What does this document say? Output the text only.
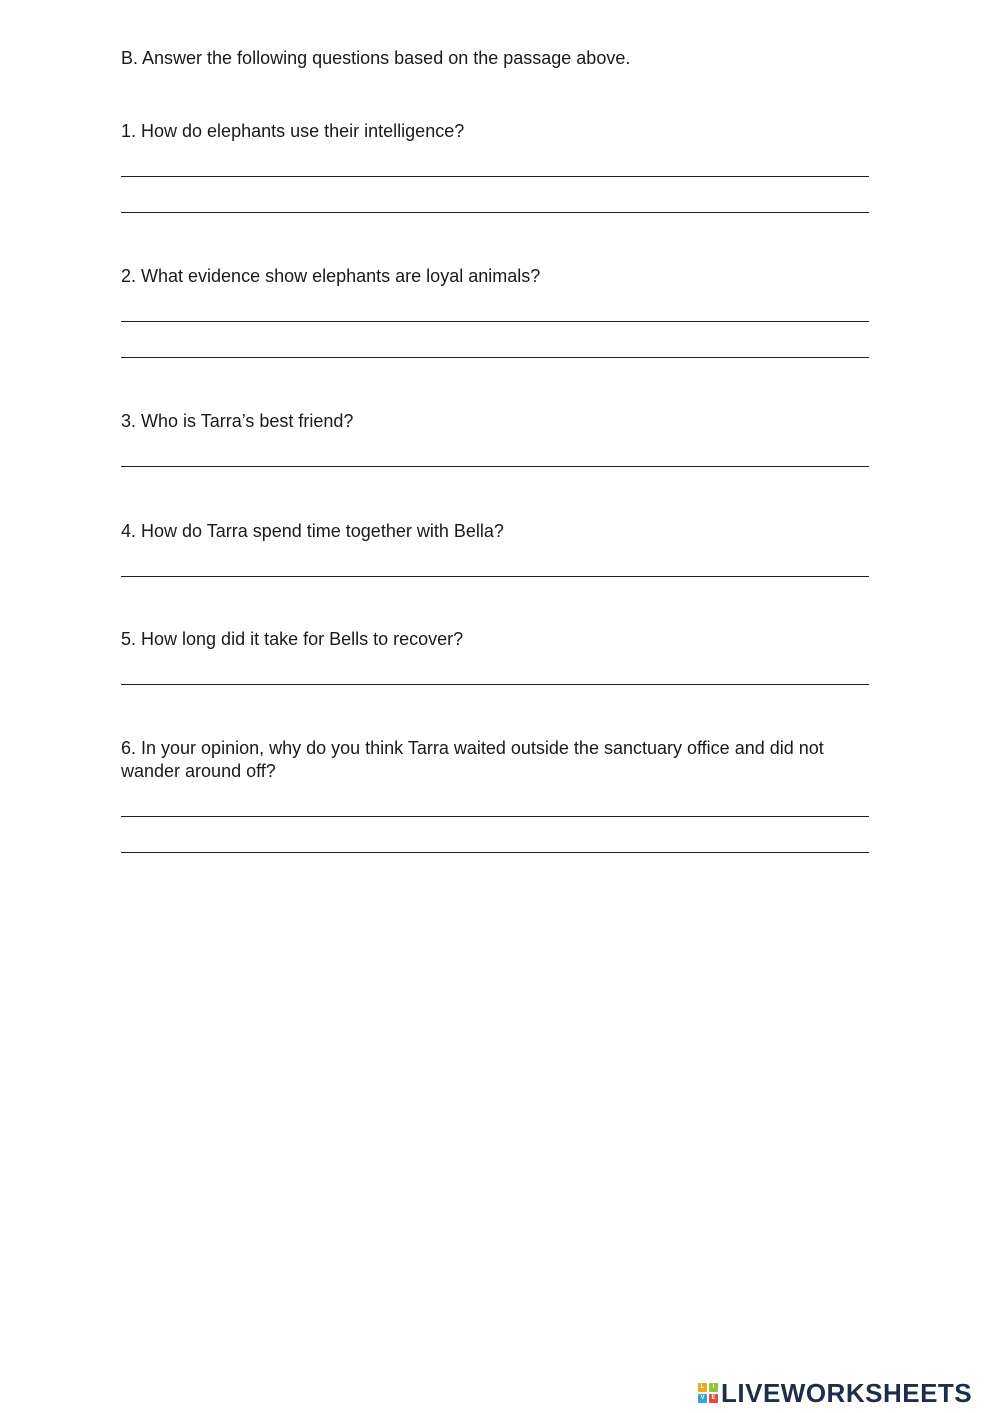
B. Answer the following questions based on the passage above.
1. How do elephants use their intelligence?
2. What evidence show elephants are loyal animals?
3. Who is Tarra’s best friend?
4. How do Tarra spend time together with Bella?
5. How long did it take for Bells to recover?
6. In your opinion, why do you think Tarra waited outside the sanctuary office and did not wander around off?
L	I
V	E LIVEWORKSHEETS
